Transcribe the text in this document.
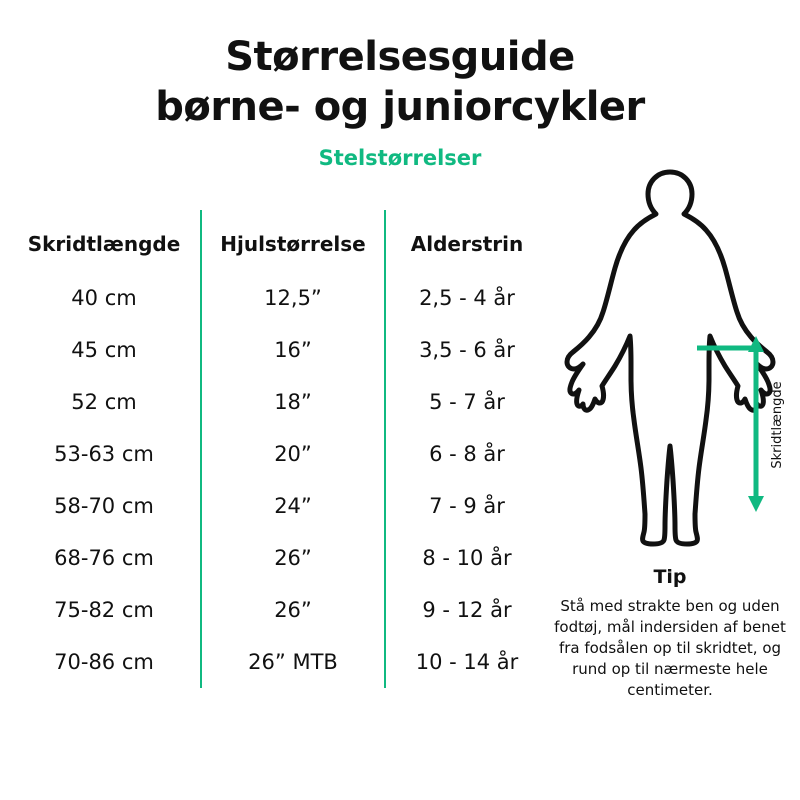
Størrelsesguide
børne- og juniorcykler
Stelstørrelser
Skridtlængde	Hjulstørrelse	Alderstrin
40 cm	12,5”	2,5 - 4 år
45 cm	16”	3,5 - 6 år
52 cm	18”	5 - 7 år
53-63 cm	20”	6 - 8 år
58-70 cm	24”	7 - 9 år
68-76 cm	26”	8 - 10 år
75-82 cm	26”	9 - 12 år
70-86 cm	26” MTB	10 - 14 år
Skridtlængde
Tip
Stå med strakte ben og uden fodtøj, mål indersiden af benet fra fodsålen op til skridtet, og rund op til nærmeste hele centimeter.
